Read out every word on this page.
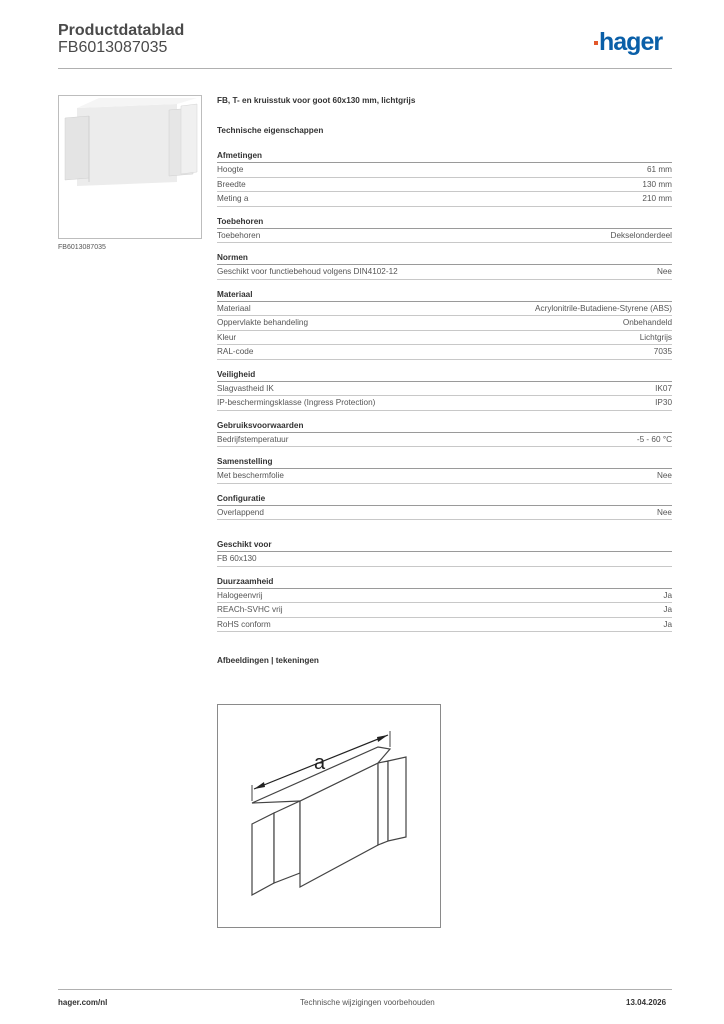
Productdatablad
FB6013087035	hager
FB6013087035
FB, T- en kruisstuk voor goot 60x130 mm, lichtgrijs
Technische eigenschappen
Afmetingen
Hoogte	61 mm
Breedte	130 mm
Meting a	210 mm
Toebehoren
Toebehoren	Dekselonderdeel
Normen
Geschikt voor functiebehoud volgens DIN4102-12	Nee
Materiaal
Materiaal	Acrylonitrile-Butadiene-Styrene (ABS)
Oppervlakte behandeling	Onbehandeld
Kleur	Lichtgrijs
RAL-code	7035
Veiligheid
Slagvastheid IK	IK07
IP-beschermingsklasse (Ingress Protection)	IP30
Gebruiksvoorwaarden
Bedrijfstemperatuur	-5 - 60 °C
Samenstelling
Met beschermfolie	Nee
Configuratie
Overlappend	Nee
Geschikt voor
FB 60x130
Duurzaamheid
Halogeenvrij	Ja
REACh-SVHC vrij	Ja
RoHS conform	Ja
Afbeeldingen | tekeningen
a
hager.com/nl	Technische wijzigingen voorbehouden	13.04.2026
